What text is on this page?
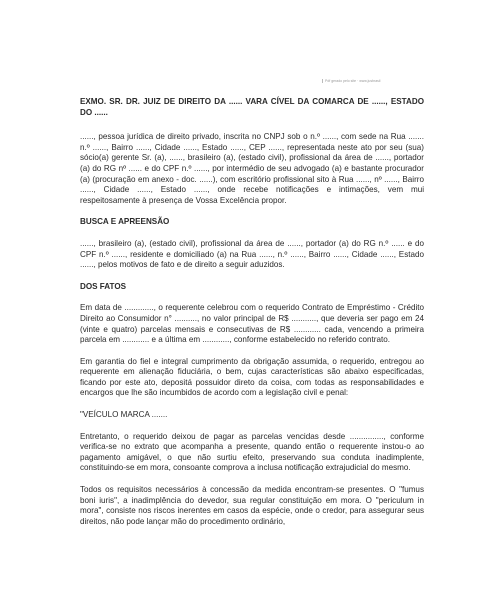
Pdf gerado pelo site · www.jusbrasil

EXMO. SR. DR. JUIZ DE DIREITO DA ...... VARA CÍVEL DA COMARCA DE ......, ESTADO DO ......

......, pessoa jurídica de direito privado, inscrita no CNPJ sob o n.º ......, com sede na Rua ....... n.º ......, Bairro ......, Cidade ......, Estado ......, CEP ......, representada neste ato por seu (sua) sócio(a) gerente Sr. (a), ......, brasileiro (a), (estado civil), profissional da área de ......, portador (a) do RG nº ...... e do CPF n.º ......, por intermédio de seu advogado (a) e bastante procurador (a) (procuração em anexo - doc. ......), com escritório profissional sito à Rua ......, nº ......, Bairro ......, Cidade ......, Estado ......, onde recebe notificações e intimações, vem mui respeitosamente à presença de Vossa Excelência propor.

BUSCA E APREENSÃO

......, brasileiro (a), (estado civil), profissional da área de ......, portador (a) do RG n.º ...... e do CPF n.º ......, residente e domiciliado (a) na Rua ......, n.º ......, Bairro ......, Cidade ......, Estado ......, pelos motivos de fato e de direito a seguir aduzidos.

DOS FATOS

Em data de ............., o requerente celebrou com o requerido Contrato de Empréstimo - Crédito Direito ao Consumidor n° .........., no valor principal de R$ ..........., que deveria ser pago em 24 (vinte e quatro) parcelas mensais e consecutivas de R$ ............ cada, vencendo a primeira parcela em ............ e a última em ............, conforme estabelecido no referido contrato.

Em garantia do fiel e integral cumprimento da obrigação assumida, o requerido, entregou ao requerente em alienação fiduciária, o bem, cujas características são abaixo especificadas, ficando por este ato, depositá possuidor direto da coisa, com todas as responsabilidades e encargos que lhe são incumbidos de acordo com a legislação civil e penal:

"VEÍCULO MARCA .......

Entretanto, o requerido deixou de pagar as parcelas vencidas desde ..............., conforme verifica-se no extrato que acompanha a presente, quando então o requerente instou-o ao pagamento amigável, o que não surtiu efeito, preservando sua conduta inadimplente, constituindo-se em mora, consoante comprova a inclusa notificação extrajudicial do mesmo.

Todos os requisitos necessários à concessão da medida encontram-se presentes. O "fumus boni iuris", a inadimplência do devedor, sua regular constituição em mora. O "periculum in mora", consiste nos riscos inerentes em casos da espécie, onde o credor, para assegurar seus direitos, não pode lançar mão do procedimento ordinário,
